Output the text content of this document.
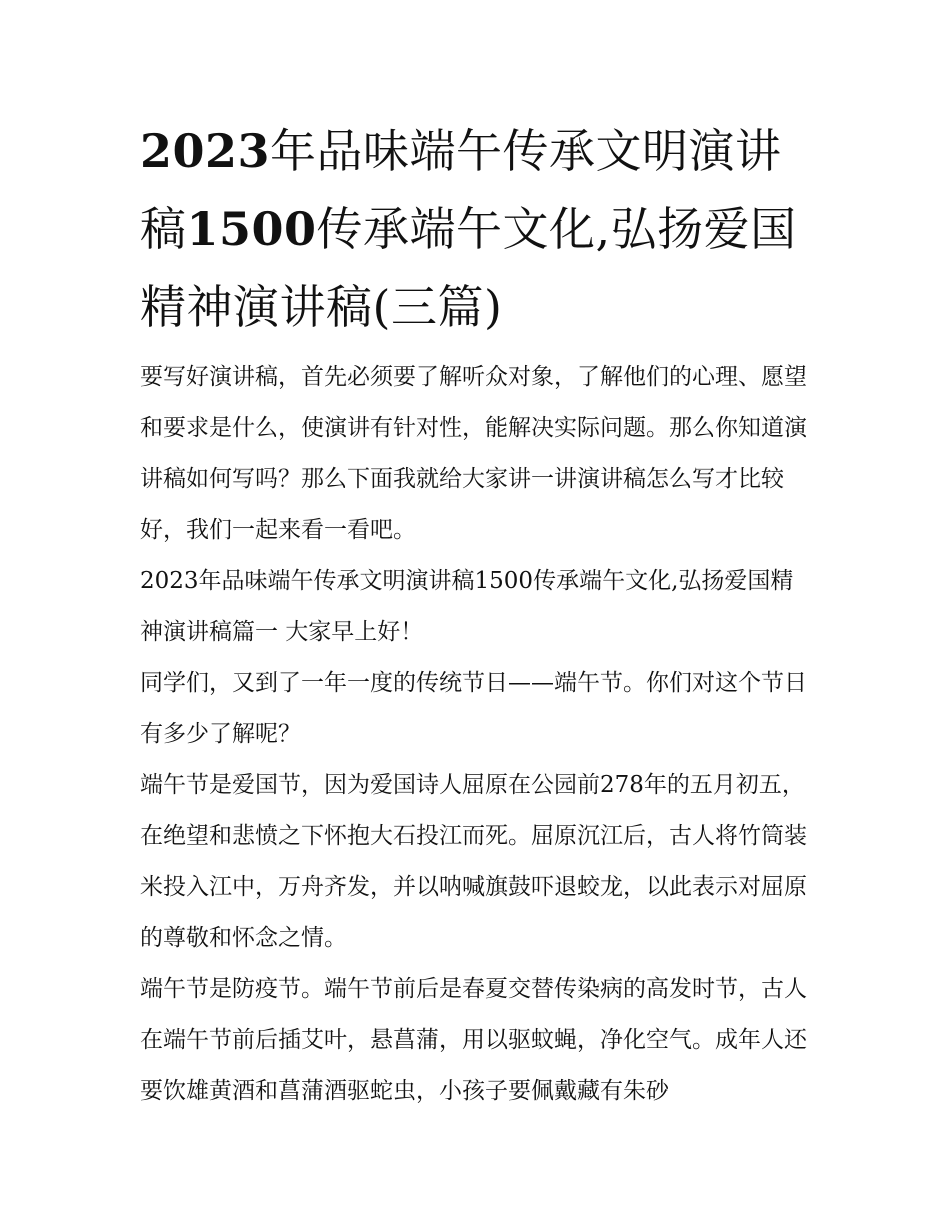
2023年品味端午传承文明演讲稿1500传承端午文化,弘扬爱国精神演讲稿(三篇)

要写好演讲稿，首先必须要了解听众对象，了解他们的心理、愿望和要求是什么，使演讲有针对性，能解决实际问题。那么你知道演讲稿如何写吗？那么下面我就给大家讲一讲演讲稿怎么写才比较好，我们一起来看一看吧。

2023年品味端午传承文明演讲稿1500传承端午文化,弘扬爱国精神演讲稿篇一 大家早上好！

同学们，又到了一年一度的传统节日——端午节。你们对这个节日有多少了解呢？

端午节是爱国节，因为爱国诗人屈原在公园前278年的五月初五，在绝望和悲愤之下怀抱大石投江而死。屈原沉江后，古人将竹筒装米投入江中，万舟齐发，并以呐喊旗鼓吓退蛟龙，以此表示对屈原的尊敬和怀念之情。

端午节是防疫节。端午节前后是春夏交替传染病的高发时节，古人在端午节前后插艾叶，悬菖蒲，用以驱蚊蝇，净化空气。成年人还要饮雄黄酒和菖蒲酒驱蛇虫，小孩子要佩戴藏有朱砂
